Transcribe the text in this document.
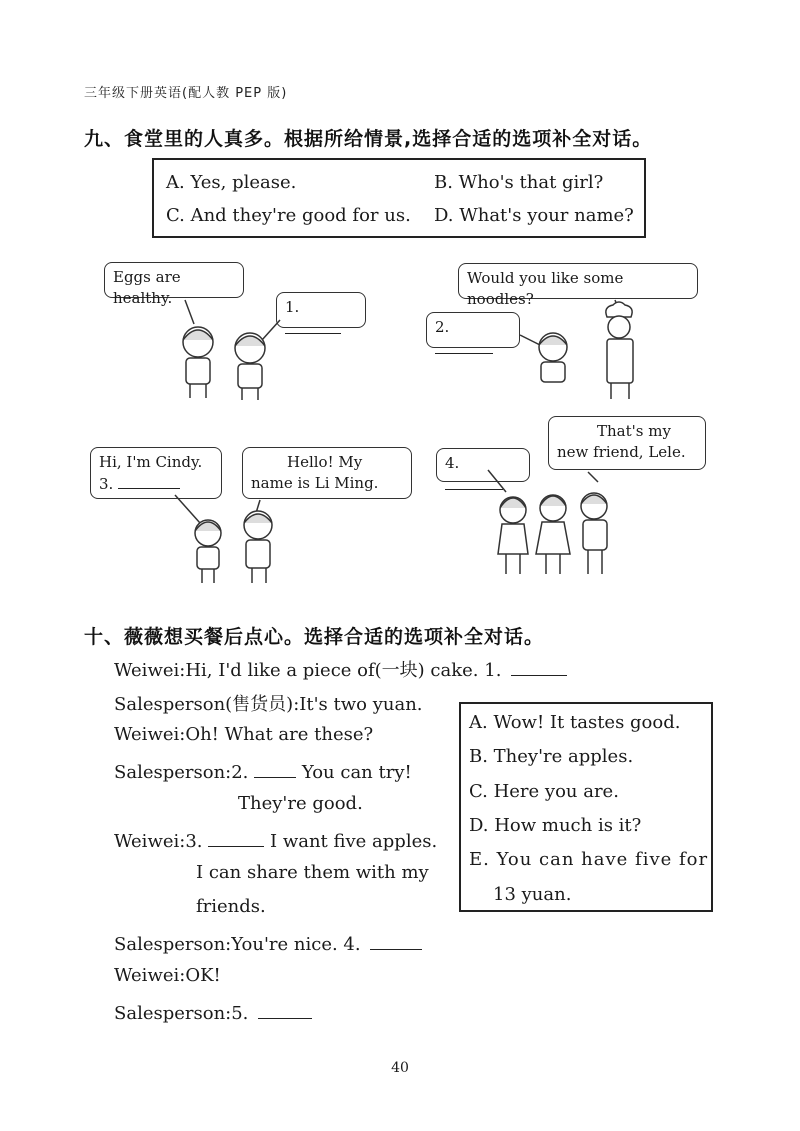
三年级下册英语(配人教 PEP 版)
九、食堂里的人真多。根据所给情景,选择合适的选项补全对话。
A. Yes, please.	B. Who's that girl?
C. And they're good for us. D. What's your name?
Eggs are healthy.	1.
Would you like some noodles?
2.
Hi, I'm Cindy.
3.
Hello! My name is Li Ming.
That's my new friend, Lele.
4.
十、薇薇想买餐后点心。选择合适的选项补全对话。
Weiwei:Hi, I'd like a piece of(一块) cake. 1.
Salesperson(售货员):It's two yuan.
Weiwei:Oh! What are these?
Salesperson:2.	You can try!
They're good.
Weiwei:3.	I want five apples.
I can share them with my
friends.
Salesperson:You're nice. 4.
Weiwei:OK!
Salesperson:5.
A. Wow! It tastes good.
B. They're apples.
C. Here you are.
D. How much is it?
E. You can have five for
13 yuan.
40
